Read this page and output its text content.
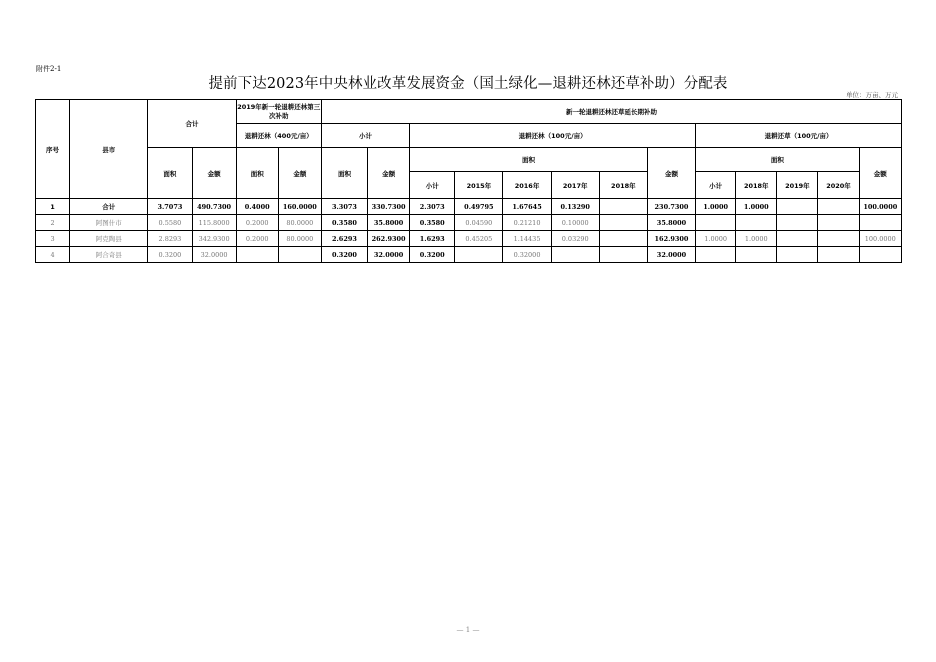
附件2-1
提前下达2023年中央林业改革发展资金（国土绿化—退耕还林还草补助）分配表
单位：万亩、万元
序号	县市	合计		2019年新一轮退耕还林第三次补助		新一轮退耕还林还草延长期补助												
				退耕还林（400元/亩）		小计		退耕还林（100元/亩）						退耕还草（100元/亩）				
		面积	金额	面积	金额	面积	金额	面积					金额	面积				金额
								小计	2015年	2016年	2017年	2018年		小计	2018年	2019年	2020年	
1	合计	3.7073	490.7300	0.4000	160.0000	3.3073	330.7300	2.3073	0.49795	1.67645	0.13290		230.7300	1.0000	1.0000			100.0000
2	阿图什市	0.5580	115.8000	0.2000	80.0000	0.3580	35.8000	0.3580	0.04590	0.21210	0.10000		35.8000					
3	阿克陶县	2.8293	342.9300	0.2000	80.0000	2.6293	262.9300	1.6293	0.45205	1.14435	0.03290		162.9300	1.0000	1.0000			100.0000
4	阿合奇县	0.3200	32.0000			0.3200	32.0000	0.3200		0.32000			32.0000					
— 1 —
